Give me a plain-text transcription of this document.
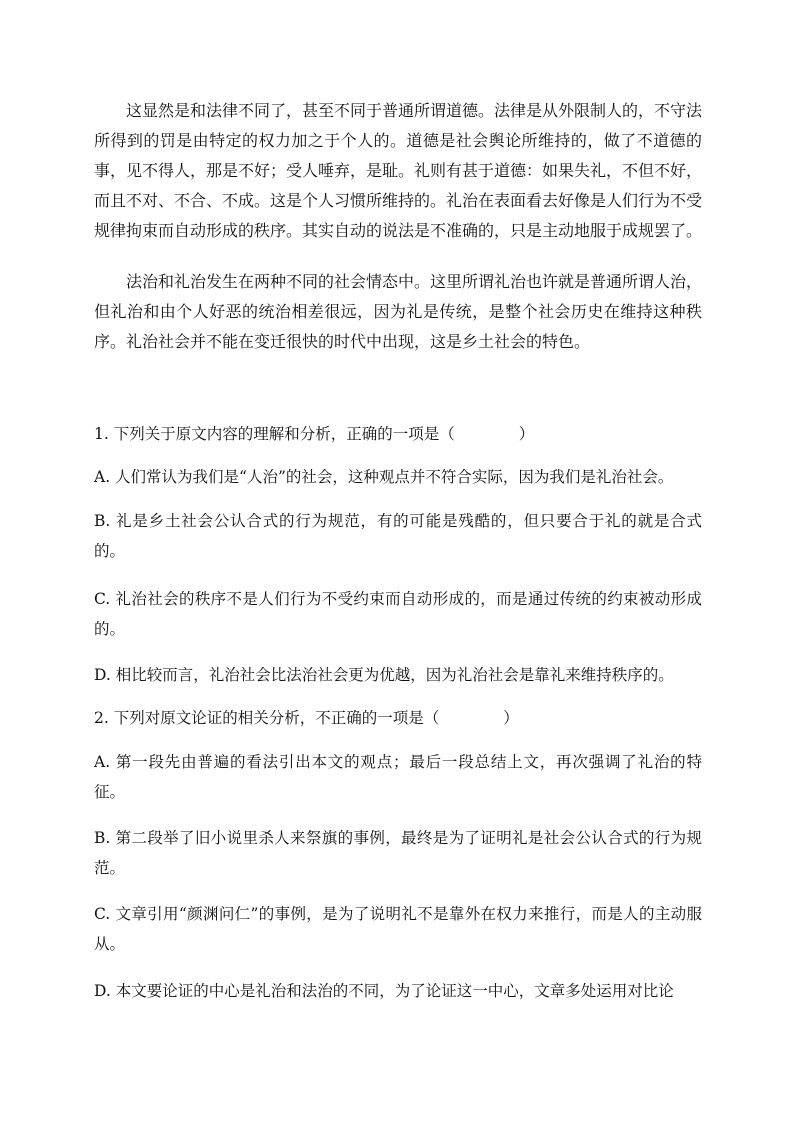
这显然是和法律不同了，甚至不同于普通所谓道德。法律是从外限制人的，不守法所得到的罚是由特定的权力加之于个人的。道德是社会舆论所维持的，做了不道德的事，见不得人，那是不好；受人唾弃，是耻。礼则有甚于道德：如果失礼，不但不好，而且不对、不合、不成。这是个人习惯所维持的。礼治在表面看去好像是人们行为不受规律拘束而自动形成的秩序。其实自动的说法是不准确的，只是主动地服于成规罢了。

法治和礼治发生在两种不同的社会情态中。这里所谓礼治也许就是普通所谓人治，但礼治和由个人好恶的统治相差很远，因为礼是传统，是整个社会历史在维持这种秩序。礼治社会并不能在变迁很快的时代中出现，这是乡土社会的特色。

1. 下列关于原文内容的理解和分析，正确的一项是（	）

A. 人们常认为我们是“人治”的社会，这种观点并不符合实际，因为我们是礼治社会。

B. 礼是乡土社会公认合式的行为规范，有的可能是残酷的，但只要合于礼的就是合式的。

C. 礼治社会的秩序不是人们行为不受约束而自动形成的，而是通过传统的约束被动形成的。

D. 相比较而言，礼治社会比法治社会更为优越，因为礼治社会是靠礼来维持秩序的。

2. 下列对原文论证的相关分析，不正确的一项是（	）

A. 第一段先由普遍的看法引出本文的观点；最后一段总结上文，再次强调了礼治的特征。

B. 第二段举了旧小说里杀人来祭旗的事例，最终是为了证明礼是社会公认合式的行为规范。

C. 文章引用“颜渊问仁”的事例，是为了说明礼不是靠外在权力来推行，而是人的主动服从。

D. 本文要论证的中心是礼治和法治的不同，为了论证这一中心，文章多处运用对比论
